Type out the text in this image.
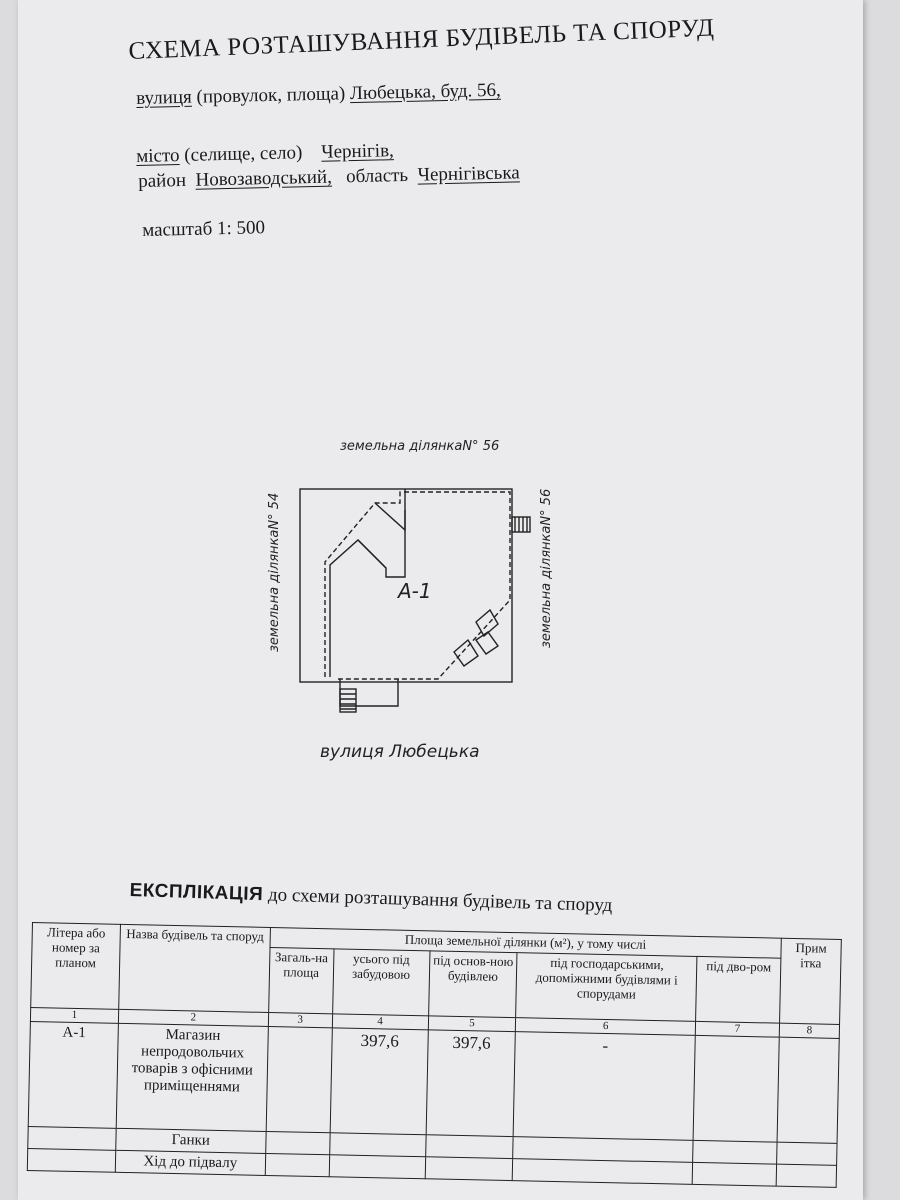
СХЕМА РОЗТАШУВАННЯ БУДІВЕЛЬ ТА СПОРУД
вулиця (провулок, площа) Любецька, буд. 56,
місто (селище, село) Чернігів,
район Новозаводський, область Чернігівська
масштаб 1: 500
земельна ділянкаN° 56
земельна ділянкаN° 54	земельна ділянкаN° 56
А-1
вулиця Любецька
ЕКСПЛІКАЦІЯ до схеми розташування будівель та споруд
Літера або номер за планом	Назва будівель та споруд	Площа земельної ділянки (м²), у тому числі					Прим ітка
		Загаль-на площа	усього під забудовою	під основ-ною будівлею	під господарськими, допоміжними будівлями і спорудами	під дво-ром	
1	2	3	4	5	6	7	8
А-1	Магазин непродовольчих товарів з офісними приміщеннями		397,6	397,6	-		
	Ганки						
	Хід до підвалу						
